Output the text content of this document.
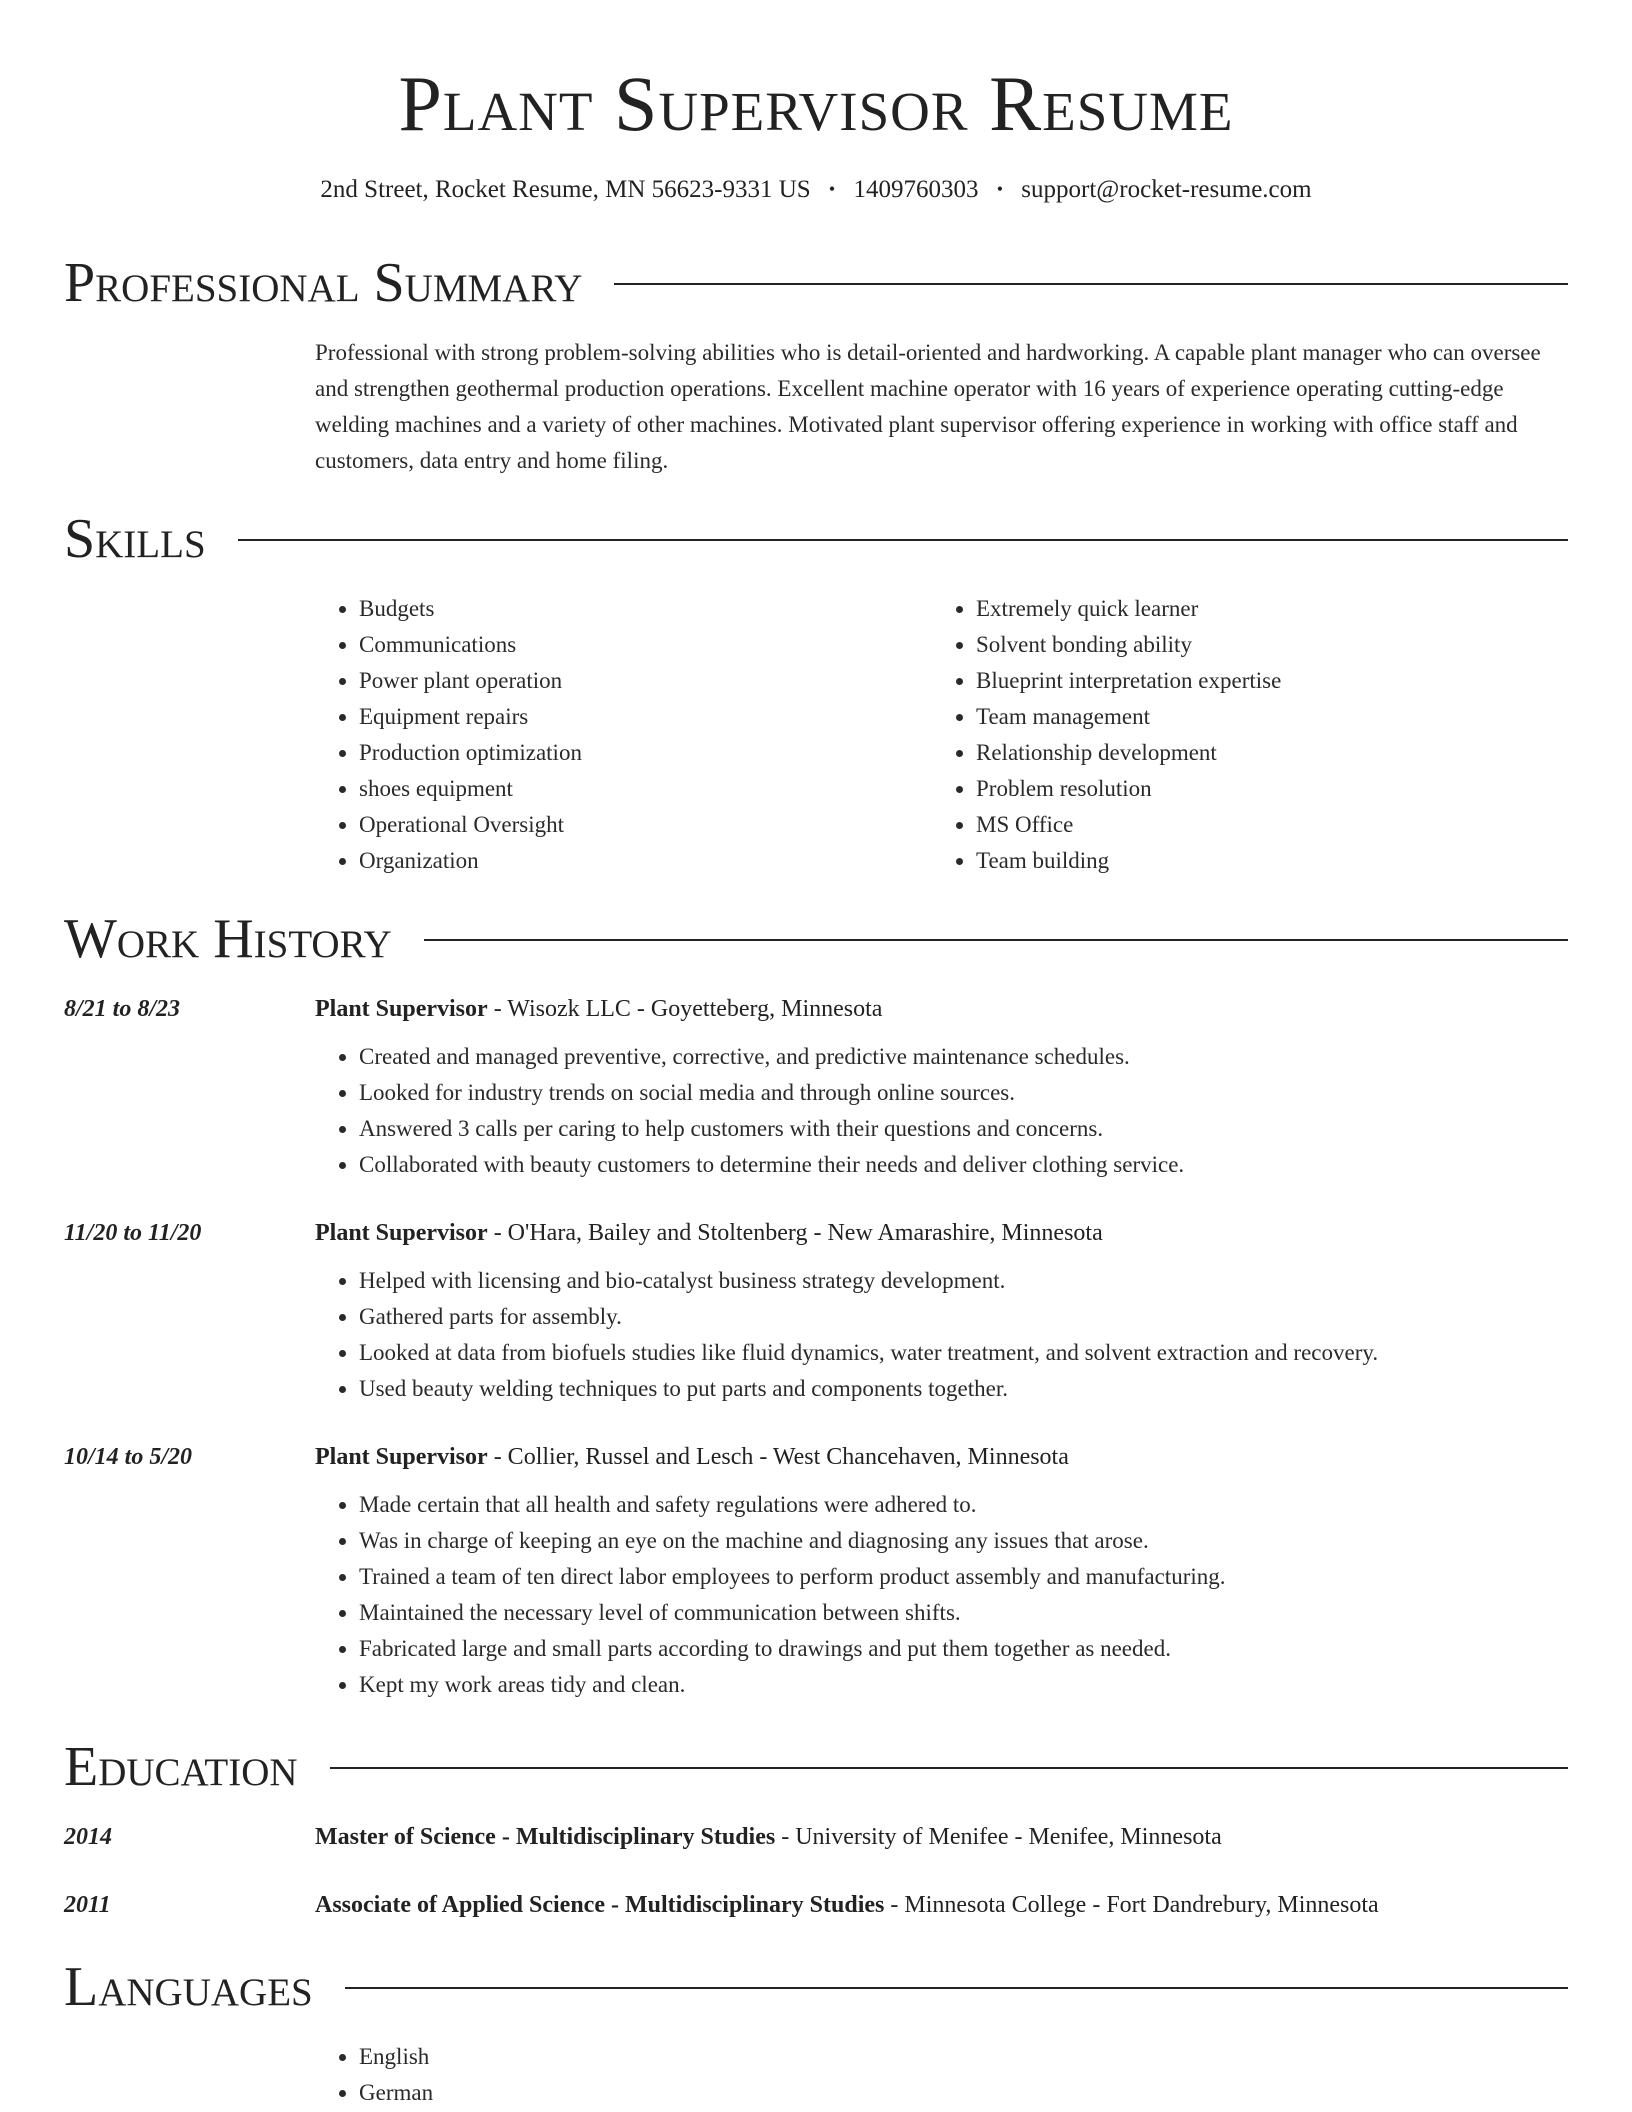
Plant Supervisor Resume
2nd Street, Rocket Resume, MN 56623-9331 US • 1409760303 • support@rocket-resume.com
Professional Summary
Professional with strong problem-solving abilities who is detail-oriented and hardworking. A capable plant manager who can oversee and strengthen geothermal production operations. Excellent machine operator with 16 years of experience operating cutting-edge welding machines and a variety of other machines. Motivated plant supervisor offering experience in working with office staff and customers, data entry and home filing.
Skills
• Budgets
• Communications
• Power plant operation
• Equipment repairs
• Production optimization
• shoes equipment
• Operational Oversight
• Organization
• Extremely quick learner
• Solvent bonding ability
• Blueprint interpretation expertise
• Team management
• Relationship development
• Problem resolution
• MS Office
• Team building
Work History
8/21 to 8/23	Plant Supervisor - Wisozk LLC - Goyetteberg, Minnesota
• Created and managed preventive, corrective, and predictive maintenance schedules.
• Looked for industry trends on social media and through online sources.
• Answered 3 calls per caring to help customers with their questions and concerns.
• Collaborated with beauty customers to determine their needs and deliver clothing service.
11/20 to 11/20	Plant Supervisor - O'Hara, Bailey and Stoltenberg - New Amarashire, Minnesota
• Helped with licensing and bio-catalyst business strategy development.
• Gathered parts for assembly.
• Looked at data from biofuels studies like fluid dynamics, water treatment, and solvent extraction and recovery.
• Used beauty welding techniques to put parts and components together.
10/14 to 5/20	Plant Supervisor - Collier, Russel and Lesch - West Chancehaven, Minnesota
• Made certain that all health and safety regulations were adhered to.
• Was in charge of keeping an eye on the machine and diagnosing any issues that arose.
• Trained a team of ten direct labor employees to perform product assembly and manufacturing.
• Maintained the necessary level of communication between shifts.
• Fabricated large and small parts according to drawings and put them together as needed.
• Kept my work areas tidy and clean.
Education
2014	Master of Science - Multidisciplinary Studies - University of Menifee - Menifee, Minnesota
2011	Associate of Applied Science - Multidisciplinary Studies - Minnesota College - Fort Dandrebury, Minnesota
Languages
• English
• German
